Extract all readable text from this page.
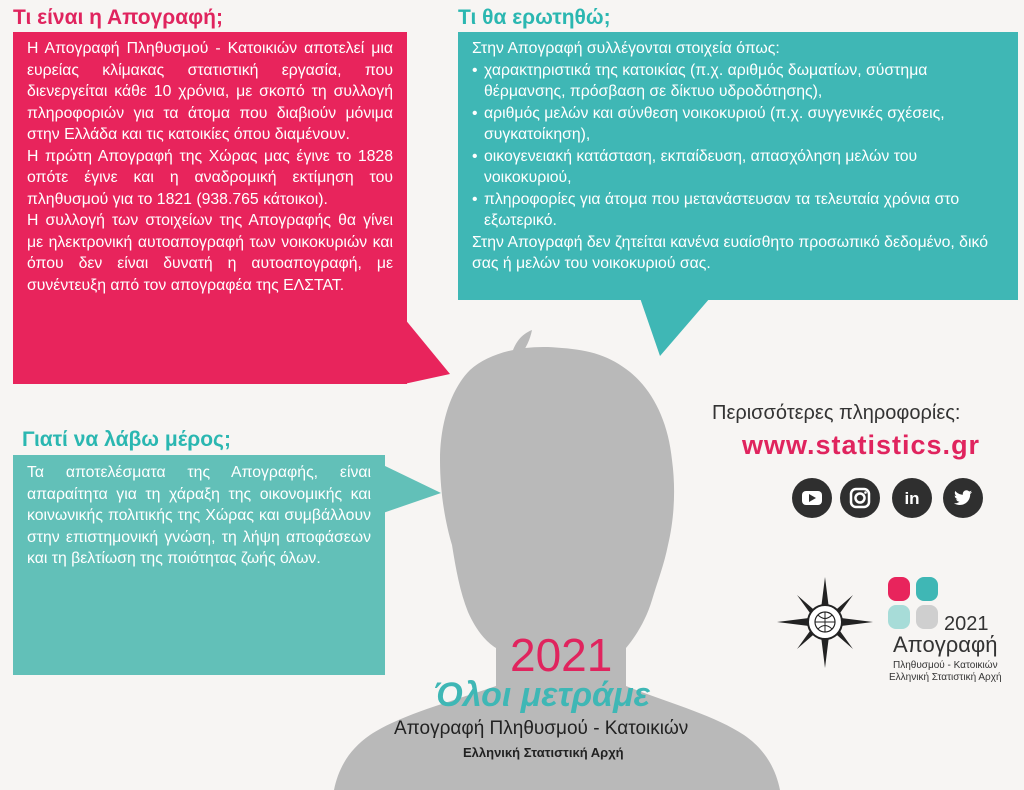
Τι είναι η Απογραφή;

Η Απογραφή Πληθυσμού - Κατοικιών αποτελεί μια ευρείας κλίμακας στατιστική εργασία, που διενεργείται κάθε 10 χρόνια, με σκοπό τη συλλογή πληροφοριών για τα άτομα που διαβιούν μόνιμα στην Ελλάδα και τις κατοικίες όπου διαμένουν.

Η πρώτη Απογραφή της Χώρας μας έγινε το 1828 οπότε έγινε και η αναδρομική εκτίμηση του πληθυσμού για το 1821 (938.765 κάτοικοι).

Η συλλογή των στοιχείων της Απογραφής θα γίνει με ηλεκτρονική αυτοαπογραφή των νοικοκυριών και όπου δεν είναι δυνατή η αυτοαπογραφή, με συνέντευξη από τον απογραφέα της ΕΛΣΤΑΤ.

Τι θα ερωτηθώ;

Στην Απογραφή συλλέγονται στοιχεία όπως:

• χαρακτηριστικά της κατοικίας (π.χ. αριθμός δωματίων, σύστημα θέρμανσης, πρόσβαση σε δίκτυο υδροδότησης),
• αριθμός μελών και σύνθεση νοικοκυριού (π.χ. συγγενικές σχέσεις, συγκατοίκηση),
• οικογενειακή κατάσταση, εκπαίδευση, απασχόληση μελών του νοικοκυριού,
• πληροφορίες για άτομα που μετανάστευσαν τα τελευταία χρόνια στο εξωτερικό.

Στην Απογραφή δεν ζητείται κανένα ευαίσθητο προσωπικό δεδομένο, δικό σας ή μελών του νοικοκυριού σας.

Γιατί να λάβω μέρος;

Τα αποτελέσματα της Απογραφής, είναι απαραίτητα για τη χάραξη της οικονομικής και κοινωνικής πολιτικής της Χώρας και συμβάλλουν στην επιστημονική γνώση, τη λήψη αποφάσεων και τη βελτίωση της ποιότητας ζωής όλων.

Περισσότερες πληροφορίες:

www.statistics.gr

in

2021

Απογραφή

Πληθυσμού - Κατοικιών
Ελληνική Στατιστική Αρχή

2021

Όλοι μετράμε

Απογραφή Πληθυσμού - Κατοικιών

Ελληνική Στατιστική Αρχή
